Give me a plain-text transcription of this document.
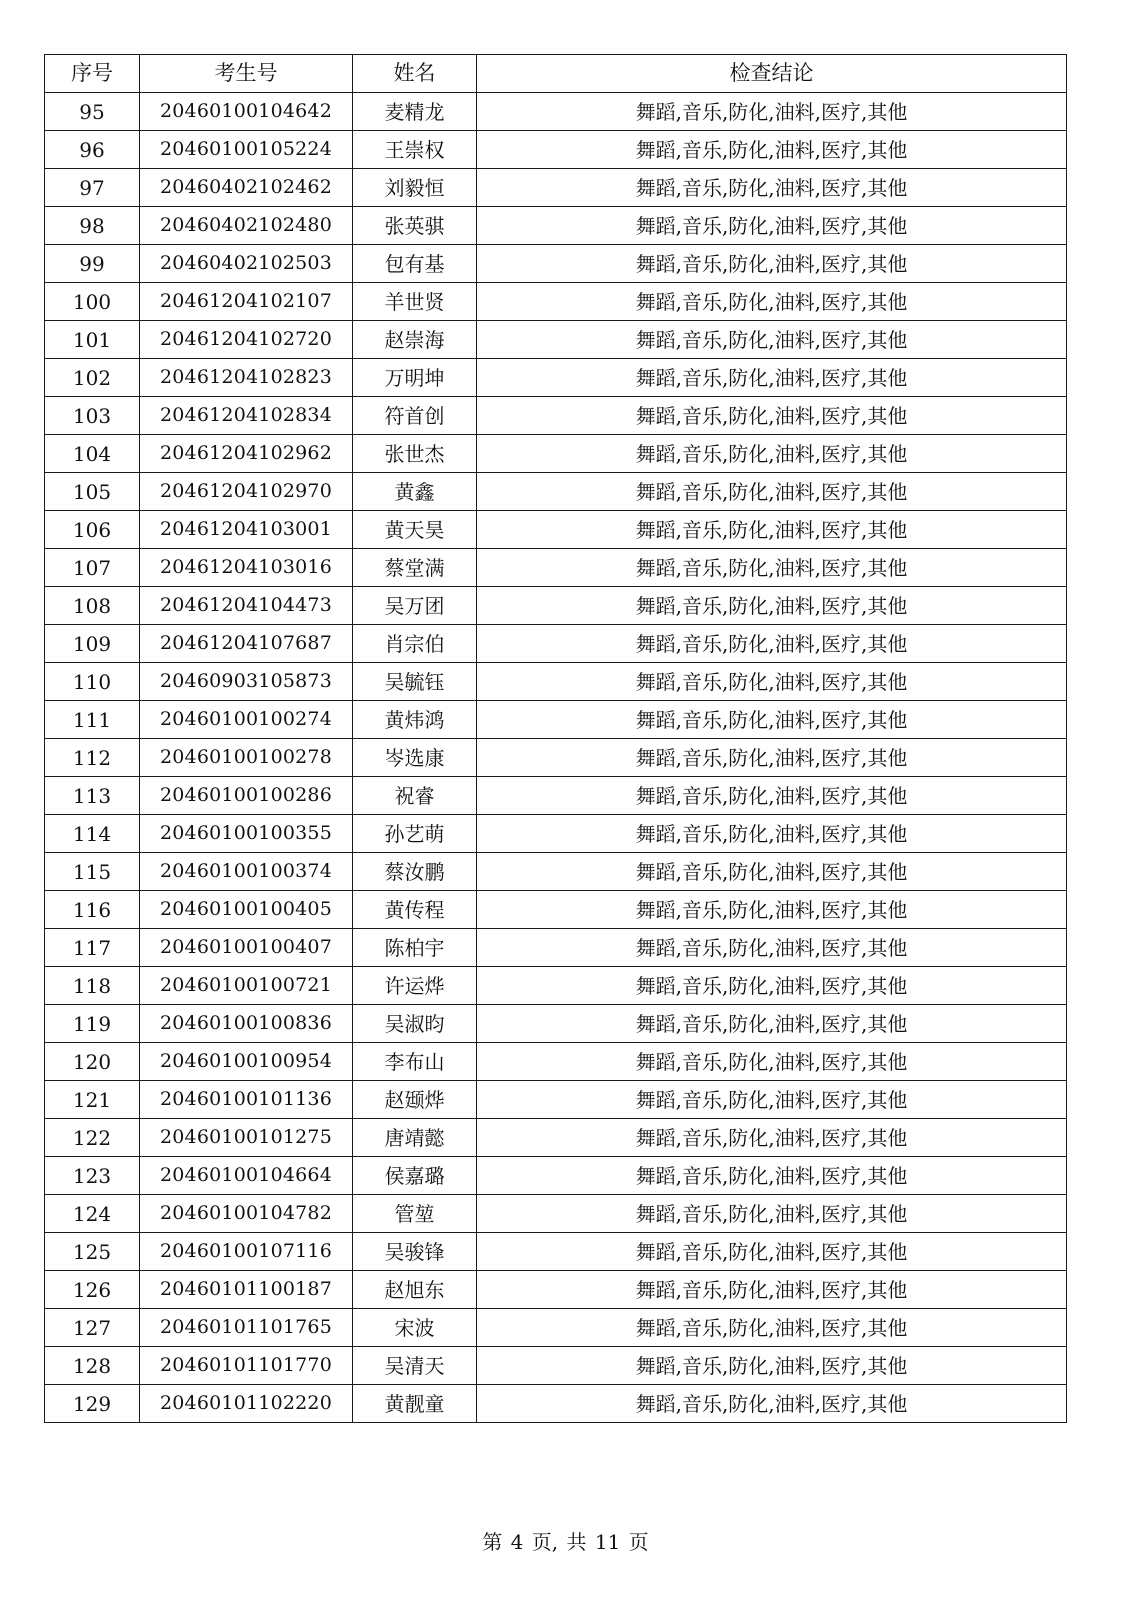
序号	考生号	姓名	检查结论
95	20460100104642	麦精龙	舞蹈,音乐,防化,油料,医疗,其他
96	20460100105224	王崇权	舞蹈,音乐,防化,油料,医疗,其他
97	20460402102462	刘毅恒	舞蹈,音乐,防化,油料,医疗,其他
98	20460402102480	张英骐	舞蹈,音乐,防化,油料,医疗,其他
99	20460402102503	包有基	舞蹈,音乐,防化,油料,医疗,其他
100	20461204102107	羊世贤	舞蹈,音乐,防化,油料,医疗,其他
101	20461204102720	赵崇海	舞蹈,音乐,防化,油料,医疗,其他
102	20461204102823	万明坤	舞蹈,音乐,防化,油料,医疗,其他
103	20461204102834	符首创	舞蹈,音乐,防化,油料,医疗,其他
104	20461204102962	张世杰	舞蹈,音乐,防化,油料,医疗,其他
105	20461204102970	黄鑫	舞蹈,音乐,防化,油料,医疗,其他
106	20461204103001	黄天昊	舞蹈,音乐,防化,油料,医疗,其他
107	20461204103016	蔡堂满	舞蹈,音乐,防化,油料,医疗,其他
108	20461204104473	吴万团	舞蹈,音乐,防化,油料,医疗,其他
109	20461204107687	肖宗伯	舞蹈,音乐,防化,油料,医疗,其他
110	20460903105873	吴毓钰	舞蹈,音乐,防化,油料,医疗,其他
111	20460100100274	黄炜鸿	舞蹈,音乐,防化,油料,医疗,其他
112	20460100100278	岑选康	舞蹈,音乐,防化,油料,医疗,其他
113	20460100100286	祝睿	舞蹈,音乐,防化,油料,医疗,其他
114	20460100100355	孙艺萌	舞蹈,音乐,防化,油料,医疗,其他
115	20460100100374	蔡汝鹏	舞蹈,音乐,防化,油料,医疗,其他
116	20460100100405	黄传程	舞蹈,音乐,防化,油料,医疗,其他
117	20460100100407	陈柏宇	舞蹈,音乐,防化,油料,医疗,其他
118	20460100100721	许运烨	舞蹈,音乐,防化,油料,医疗,其他
119	20460100100836	吴淑昀	舞蹈,音乐,防化,油料,医疗,其他
120	20460100100954	李布山	舞蹈,音乐,防化,油料,医疗,其他
121	20460100101136	赵颋烨	舞蹈,音乐,防化,油料,医疗,其他
122	20460100101275	唐靖懿	舞蹈,音乐,防化,油料,医疗,其他
123	20460100104664	侯嘉璐	舞蹈,音乐,防化,油料,医疗,其他
124	20460100104782	管堃	舞蹈,音乐,防化,油料,医疗,其他
125	20460100107116	吴骏锋	舞蹈,音乐,防化,油料,医疗,其他
126	20460101100187	赵旭东	舞蹈,音乐,防化,油料,医疗,其他
127	20460101101765	宋波	舞蹈,音乐,防化,油料,医疗,其他
128	20460101101770	吴清天	舞蹈,音乐,防化,油料,医疗,其他
129	20460101102220	黄靓童	舞蹈,音乐,防化,油料,医疗,其他
第 4 页, 共 11 页
